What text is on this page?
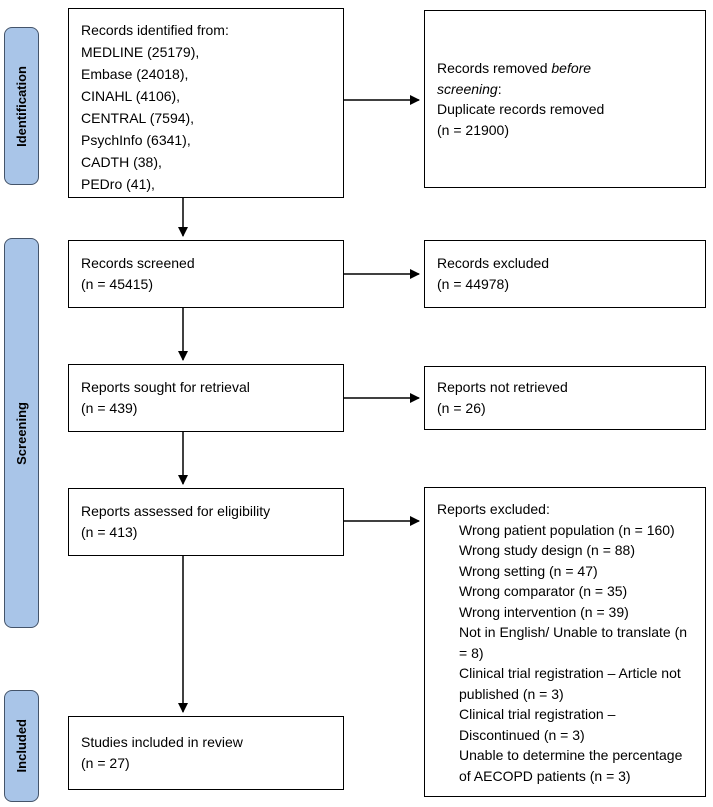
Identification
Screening
Included
Records identified from:
MEDLINE (25179),
Embase (24018),
CINAHL (4106),
CENTRAL (7594),
PsychInfo (6341),
CADTH (38),
PEDro (41),
Records screened
(n = 45415)
Reports sought for retrieval
(n = 439)
Reports assessed for eligibility
(n = 413)
Studies included in review
(n = 27)
Records removed before
screening:
Duplicate records removed
(n = 21900)
Records excluded
(n = 44978)
Reports not retrieved
(n = 26)
Reports excluded:
Wrong patient population (n = 160)
Wrong study design (n = 88)
Wrong setting (n = 47)
Wrong comparator (n = 35)
Wrong intervention (n = 39)
Not in English/ Unable to translate (n = 8)
Clinical trial registration – Article not published (n = 3)
Clinical trial registration – Discontinued (n = 3)
Unable to determine the percentage of AECOPD patients (n = 3)
